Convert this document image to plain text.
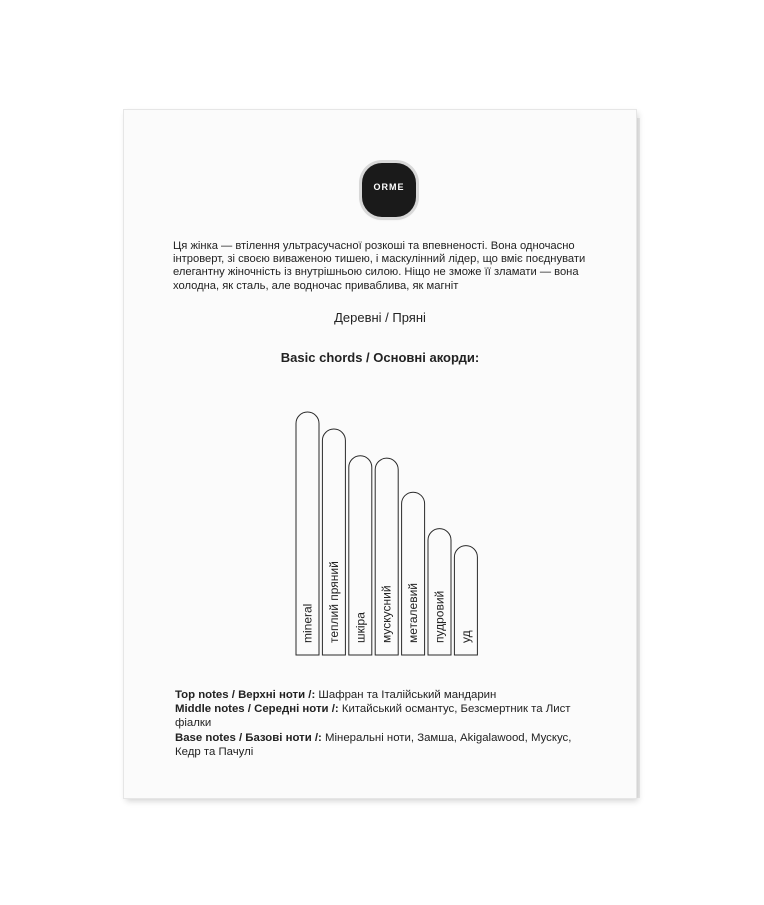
ORME

Ця жінка — втілення ультрасучасної розкоші та впевненості. Вона одночасно інтроверт, зі своєю виваженою тишею, і маскулінний лідер, що вміє поєднувати елегантну жіночність із внутрішньою силою. Ніщо не зможе її зламати — вона холодна, як сталь, але водночас приваблива, як магніт

Деревні / Пряні
Basic chords / Основні акорди:
mineral теплий пряний шкіра мускусний металевий пудровий уд
Top notes / Верхні ноти /: Шафран та Італійський мандарин
Middle notes / Середні ноти /: Китайський османтус, Безсмертник та Лист фіалки
Base notes / Базові ноти /: Мінеральні ноти, Замша, Akigalawood, Мускус, Кедр та Пачулі
